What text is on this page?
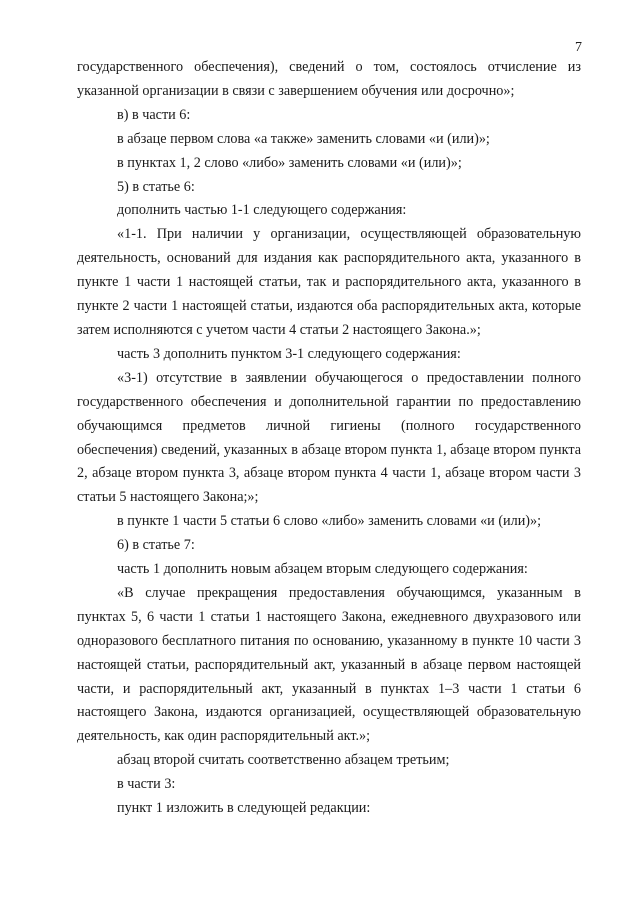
7

государственного обеспечения), сведений о том, состоялось отчисление из указанной организации в связи с завершением обучения или досрочно»;

в) в части 6:

в абзаце первом слова «а также» заменить словами «и (или)»;

в пунктах 1, 2 слово «либо» заменить словами «и (или)»;

5) в статье 6:

дополнить частью 1-1 следующего содержания:

«1-1. При наличии у организации, осуществляющей образовательную деятельность, оснований для издания как распорядительного акта, указанного в пункте 1 части 1 настоящей статьи, так и распорядительного акта, указанного в пункте 2 части 1 настоящей статьи, издаются оба распорядительных акта, которые затем исполняются с учетом части 4 статьи 2 настоящего Закона.»;

часть 3 дополнить пунктом 3-1 следующего содержания:

«3-1) отсутствие в заявлении обучающегося о предоставлении полного государственного обеспечения и дополнительной гарантии по предоставлению обучающимся предметов личной гигиены (полного государственного обеспечения) сведений, указанных в абзаце втором пункта 1, абзаце втором пункта 2, абзаце втором пункта 3, абзаце втором пункта 4 части 1, абзаце втором части 3 статьи 5 настоящего Закона;»;

в пункте 1 части 5 статьи 6 слово «либо» заменить словами «и (или)»;

6) в статье 7:

часть 1 дополнить новым абзацем вторым следующего содержания:

«В случае прекращения предоставления обучающимся, указанным в пунктах 5, 6 части 1 статьи 1 настоящего Закона, ежедневного двухразового или одноразового бесплатного питания по основанию, указанному в пункте 10 части 3 настоящей статьи, распорядительный акт, указанный в абзаце первом настоящей части, и распорядительный акт, указанный в пунктах 1–3 части 1 статьи 6 настоящего Закона, издаются организацией, осуществляющей образовательную деятельность, как один распорядительный акт.»;

абзац второй считать соответственно абзацем третьим;

в части 3:

пункт 1 изложить в следующей редакции:
